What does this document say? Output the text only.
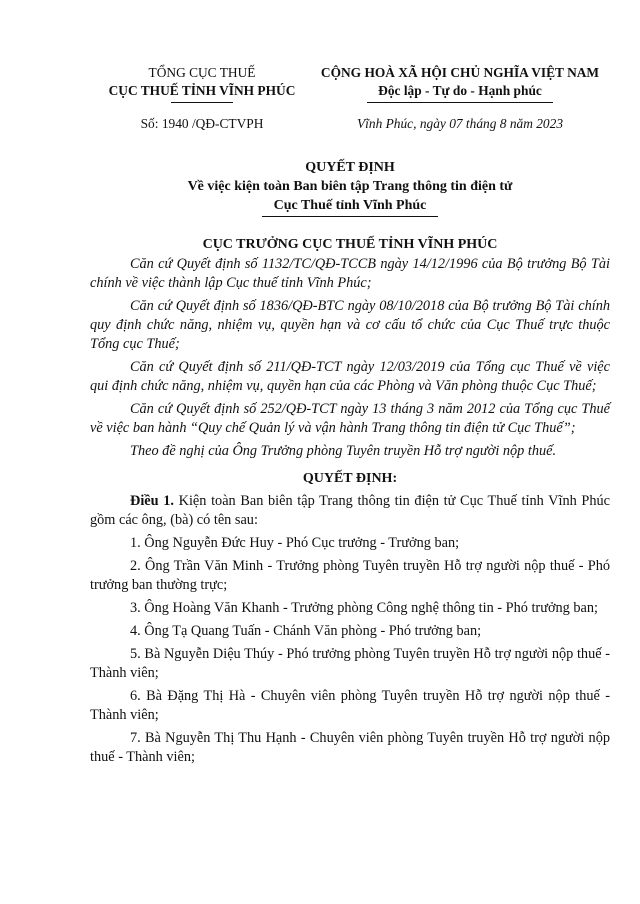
TỔNG CỤC THUẾ
CỤC THUẾ TỈNH VĨNH PHÚC
CỘNG HOÀ XÃ HỘI CHỦ NGHĨA VIỆT NAM
Độc lập - Tự do - Hạnh phúc
Số: 1940 /QĐ-CTVPH	Vĩnh Phúc, ngày 07 tháng 8 năm 2023
QUYẾT ĐỊNH
Về việc kiện toàn Ban biên tập Trang thông tin điện tử
Cục Thuế tỉnh Vĩnh Phúc
CỤC TRƯỞNG CỤC THUẾ TỈNH VĨNH PHÚC

Căn cứ Quyết định số 1132/TC/QĐ-TCCB ngày 14/12/1996 của Bộ trưởng Bộ Tài chính về việc thành lập Cục thuế tỉnh Vĩnh Phúc;

Căn cứ Quyết định số 1836/QĐ-BTC ngày 08/10/2018 của Bộ trưởng Bộ Tài chính quy định chức năng, nhiệm vụ, quyền hạn và cơ cấu tổ chức của Cục Thuế trực thuộc Tổng cục Thuế;

Căn cứ Quyết định số 211/QĐ-TCT ngày 12/03/2019 của Tổng cục Thuế về việc qui định chức năng, nhiệm vụ, quyền hạn của các Phòng và Văn phòng thuộc Cục Thuế;

Căn cứ Quyết định số 252/QĐ-TCT ngày 13 tháng 3 năm 2012 của Tổng cục Thuế về việc ban hành “Quy chế Quản lý và vận hành Trang thông tin điện tử Cục Thuế”;

Theo đề nghị của Ông Trưởng phòng Tuyên truyền Hỗ trợ người nộp thuế.

QUYẾT ĐỊNH:

Điều 1. Kiện toàn Ban biên tập Trang thông tin điện tử Cục Thuế tỉnh Vĩnh Phúc gồm các ông, (bà) có tên sau:

1. Ông Nguyễn Đức Huy - Phó Cục trưởng - Trưởng ban;

2. Ông Trần Văn Minh - Trưởng phòng Tuyên truyền Hỗ trợ người nộp thuế - Phó trưởng ban thường trực;

3. Ông Hoàng Văn Khanh - Trưởng phòng Công nghệ thông tin - Phó trưởng ban;

4. Ông Tạ Quang Tuấn - Chánh Văn phòng - Phó trưởng ban;

5. Bà Nguyễn Diệu Thúy - Phó trưởng phòng Tuyên truyền Hỗ trợ người nộp thuế - Thành viên;

6. Bà Đặng Thị Hà - Chuyên viên phòng Tuyên truyền Hỗ trợ người nộp thuế - Thành viên;

7. Bà Nguyễn Thị Thu Hạnh - Chuyên viên phòng Tuyên truyền Hỗ trợ người nộp thuế - Thành viên;
